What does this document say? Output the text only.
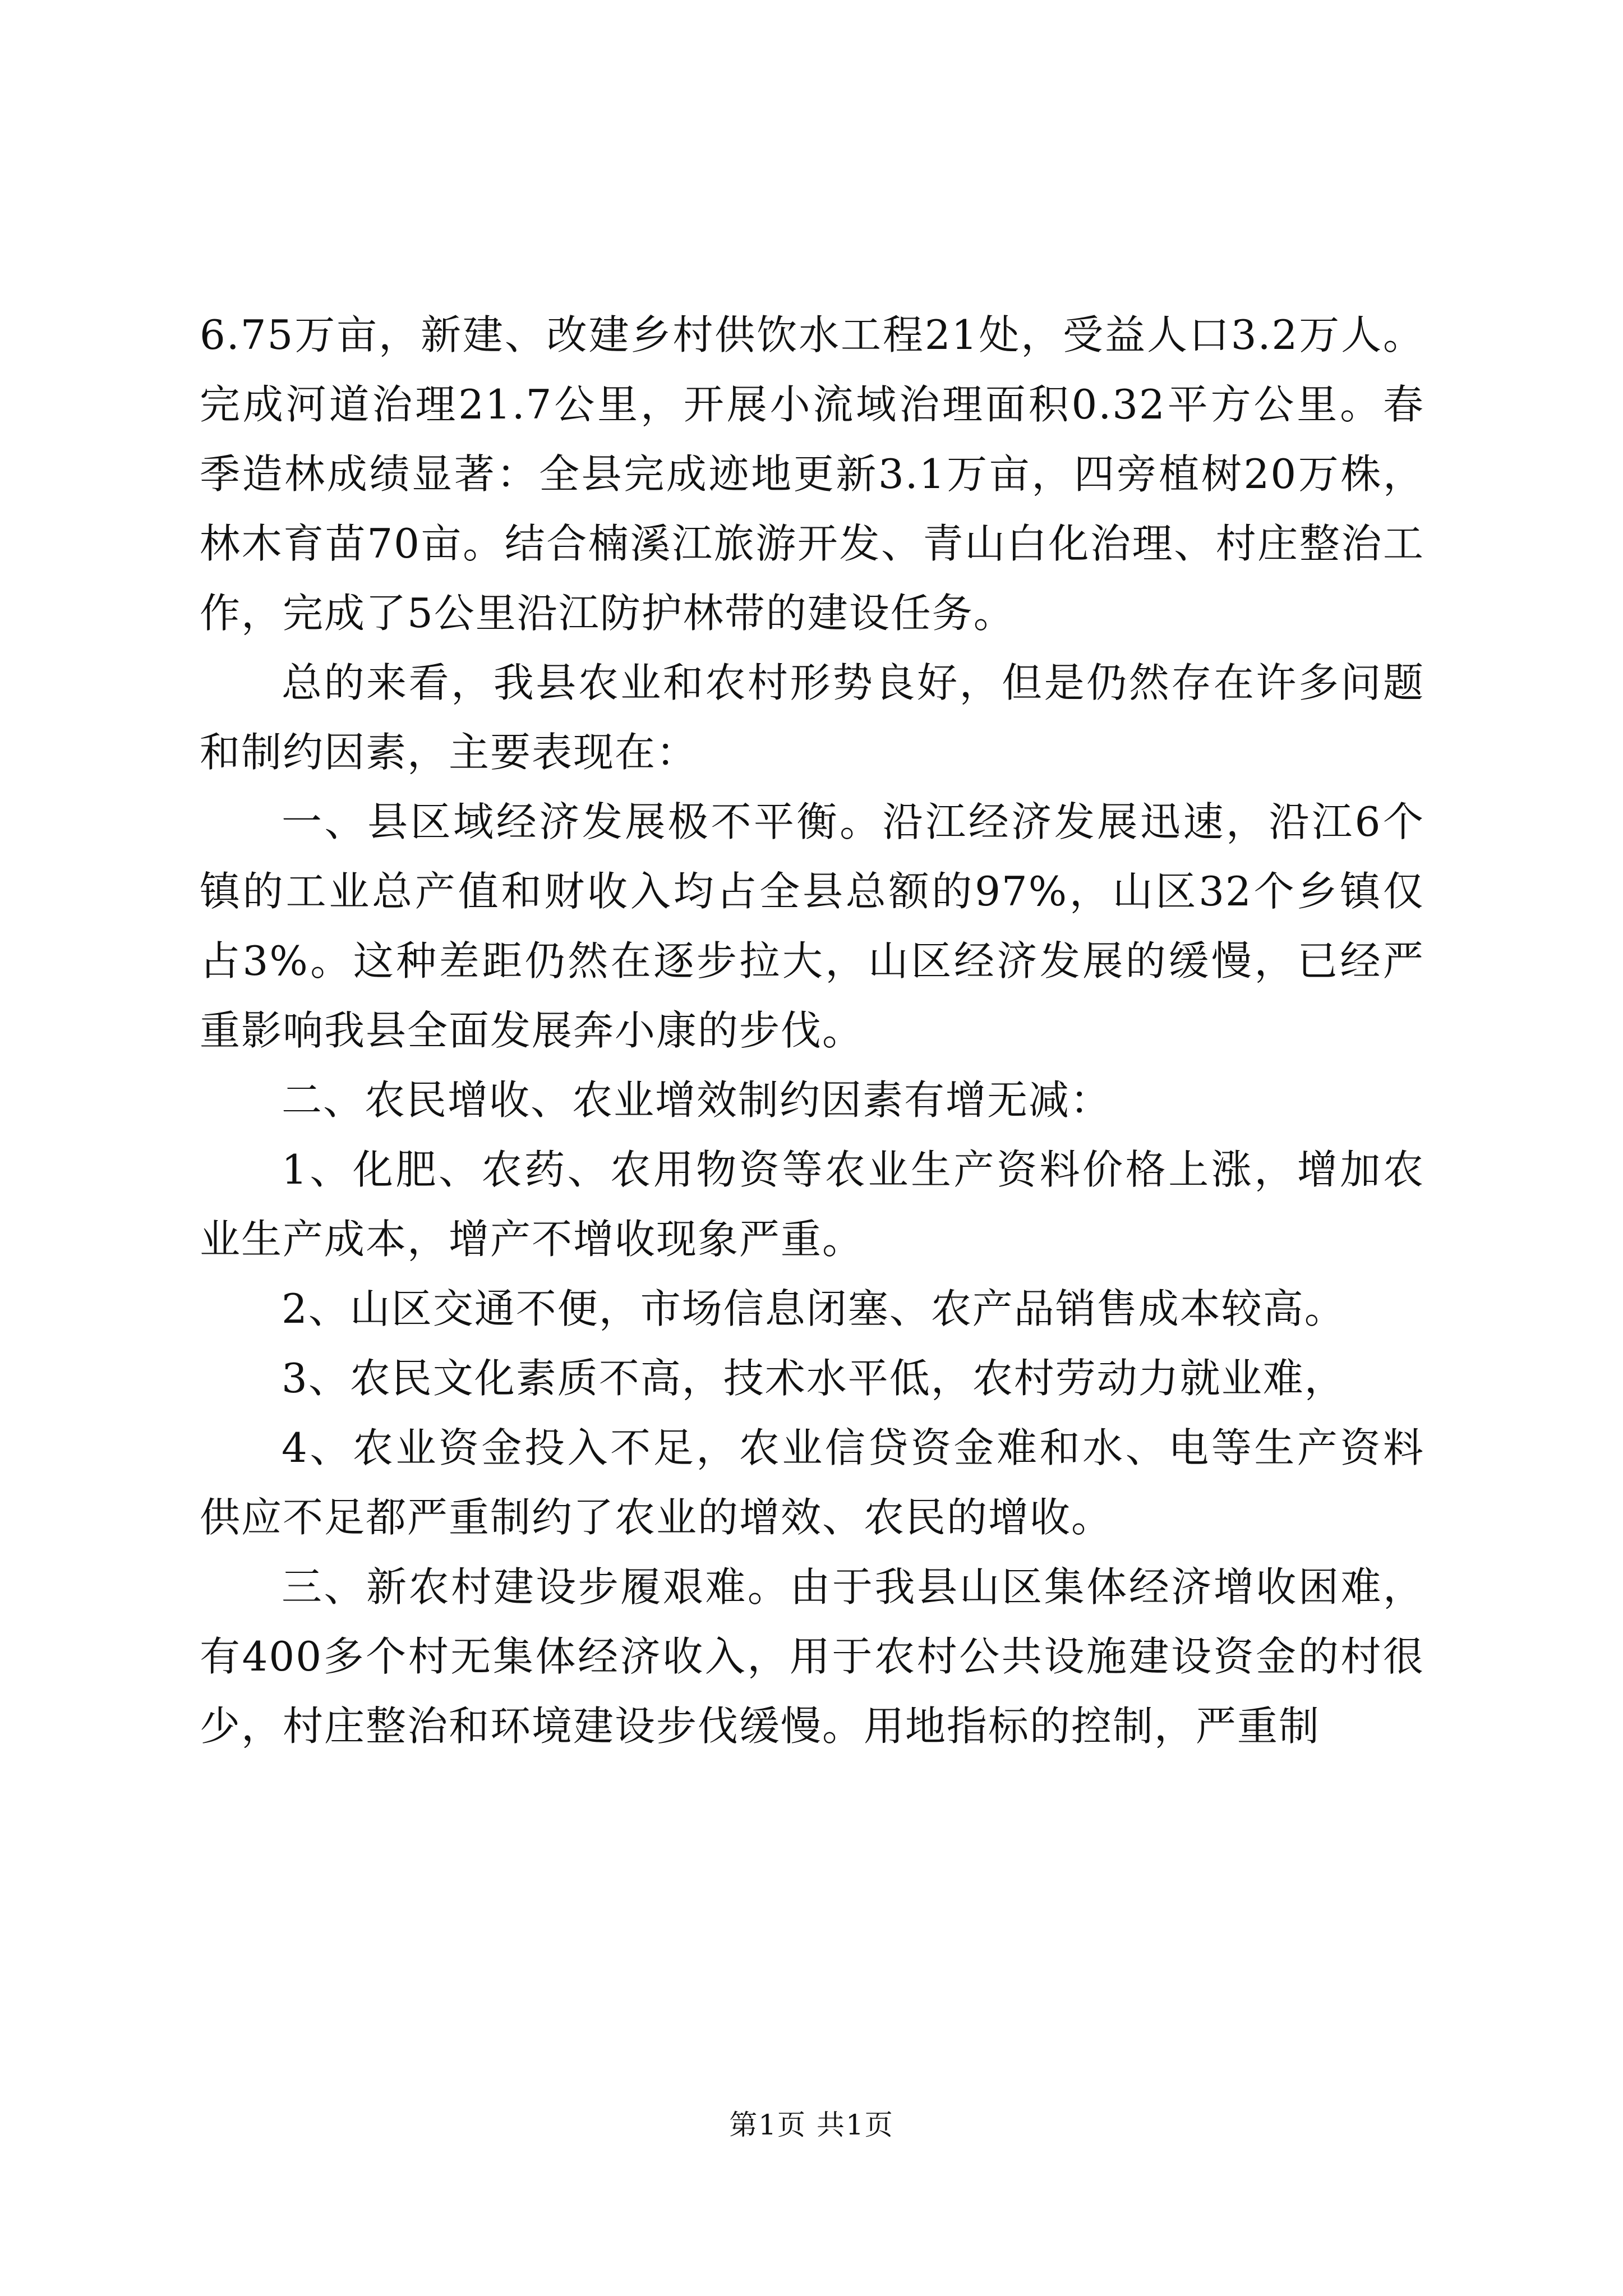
6.75万亩，新建、改建乡村供饮水工程21处，受益人口3.2万人。完成河道治理21.7公里，开展小流域治理面积0.32平方公里。春季造林成绩显著：全县完成迹地更新3.1万亩，四旁植树20万株，林木育苗70亩。结合楠溪江旅游开发、青山白化治理、村庄整治工作，完成了5公里沿江防护林带的建设任务。

总的来看，我县农业和农村形势良好，但是仍然存在许多问题和制约因素，主要表现在：

一、县区域经济发展极不平衡。沿江经济发展迅速，沿江6个镇的工业总产值和财收入均占全县总额的97%，山区32个乡镇仅占3%。这种差距仍然在逐步拉大，山区经济发展的缓慢，已经严重影响我县全面发展奔小康的步伐。

二、农民增收、农业增效制约因素有增无减：

1、化肥、农药、农用物资等农业生产资料价格上涨，增加农业生产成本，增产不增收现象严重。

2、山区交通不便，市场信息闭塞、农产品销售成本较高。

3、农民文化素质不高，技术水平低，农村劳动力就业难，

4、农业资金投入不足，农业信贷资金难和水、电等生产资料供应不足都严重制约了农业的增效、农民的增收。

三、新农村建设步履艰难。由于我县山区集体经济增收困难，有400多个村无集体经济收入，用于农村公共设施建设资金的村很少，村庄整治和环境建设步伐缓慢。用地指标的控制，严重制

第1页 共1页
